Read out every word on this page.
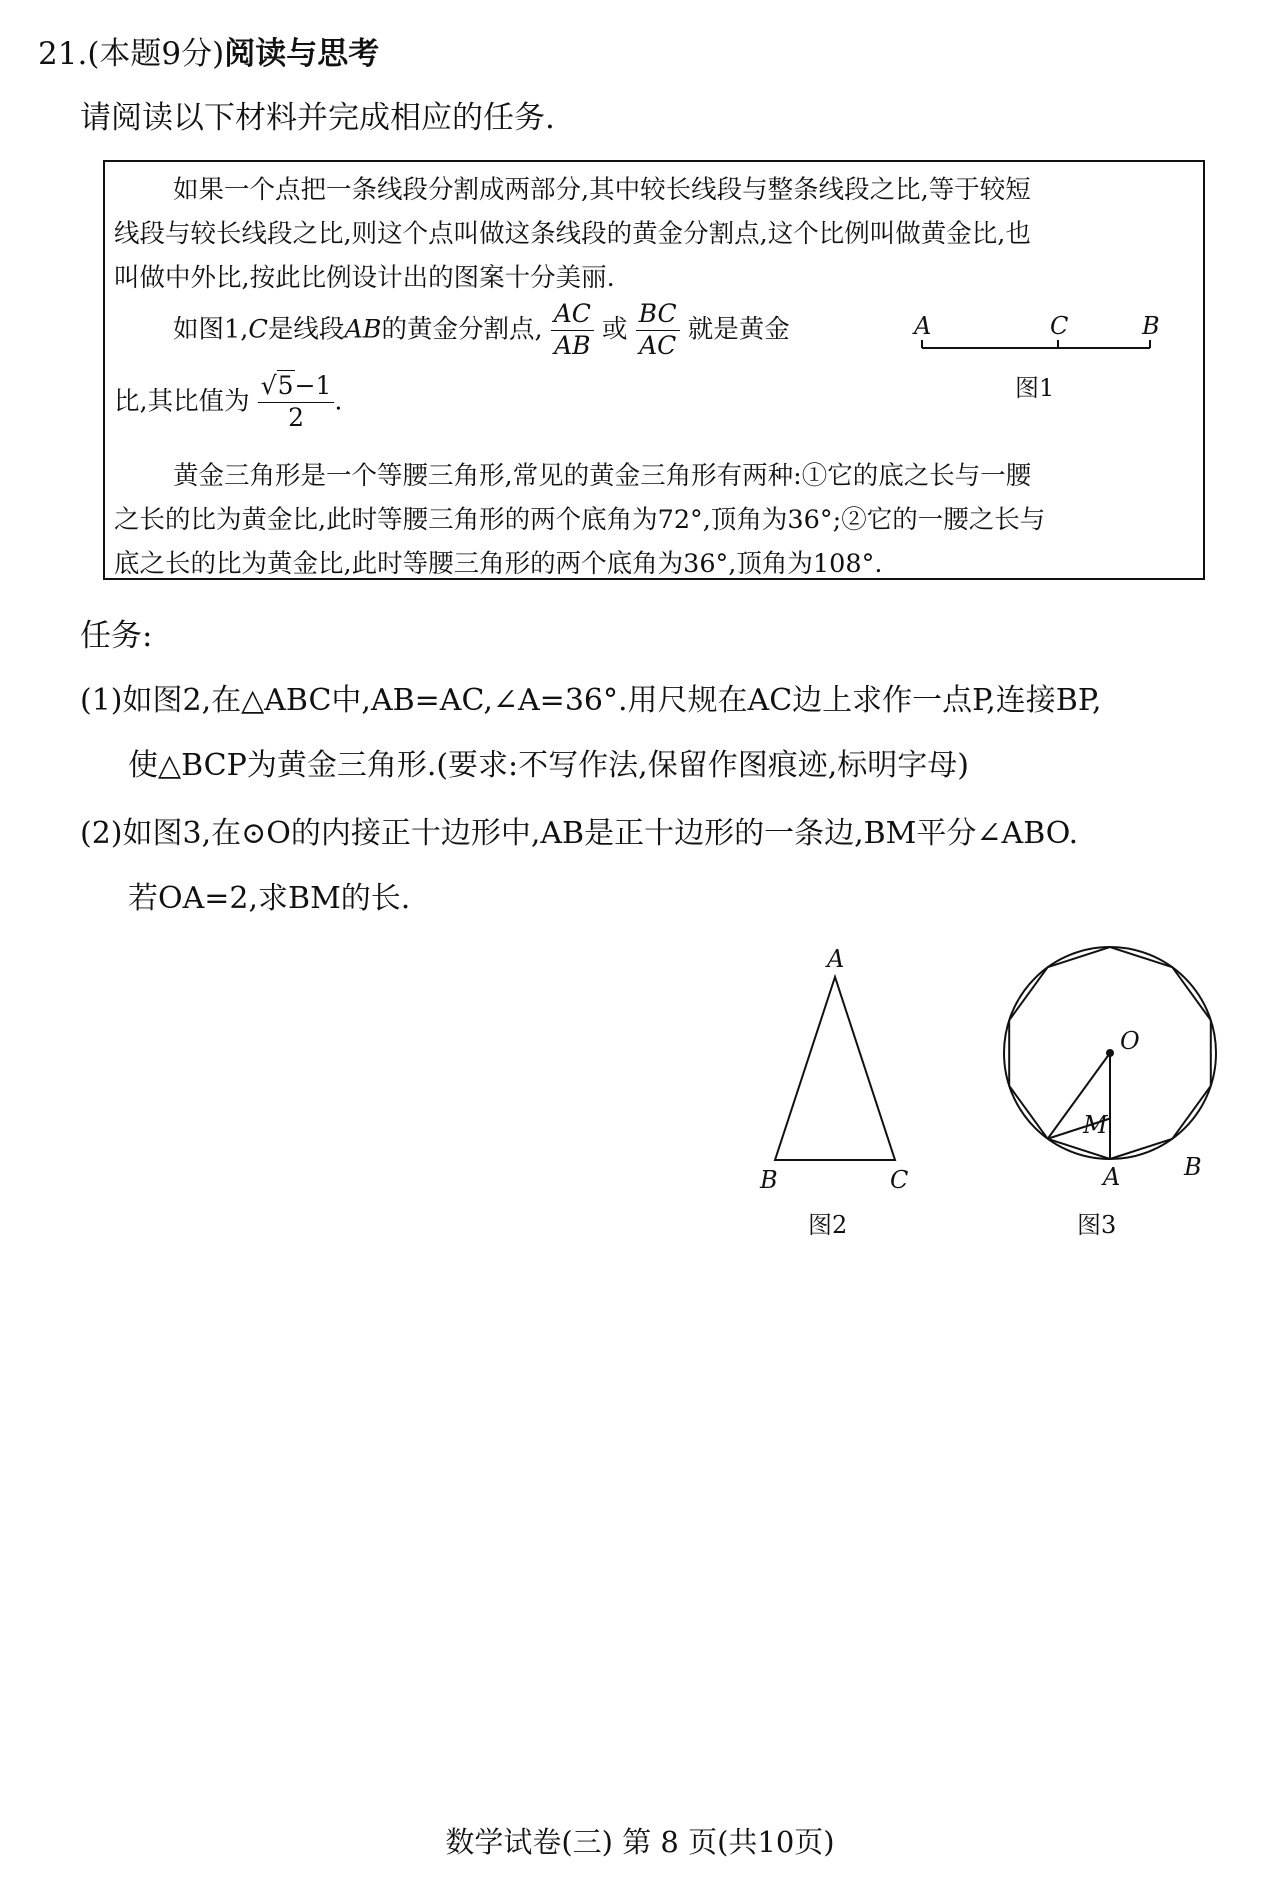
21.(本题9分)阅读与思考
请阅读以下材料并完成相应的任务.
如果一个点把一条线段分割成两部分,其中较长线段与整条线段之比,等于较短
线段与较长线段之比,则这个点叫做这条线段的黄金分割点,这个比例叫做黄金比,也
叫做中外比,按此比例设计出的图案十分美丽.
如图1,C是线段AB的黄金分割点, $\frac{AC}{AB}$ 或 $\frac{BC}{AC}$ 就是黄金
比,其比值为 $\frac{√5-1}{2}$ .
黄金三角形是一个等腰三角形,常见的黄金三角形有两种:①它的底之长与一腰
之长的比为黄金比,此时等腰三角形的两个底角为72°,顶角为36°;②它的一腰之长与
底之长的比为黄金比,此时等腰三角形的两个底角为36°,顶角为108°.
A	C	B
图1
任务:
(1)如图2,在△ABC中,AB=AC,∠A=36°.用尺规在AC边上求作一点P,连接BP,
使△BCP为黄金三角形.(要求:不写作法,保留作图痕迹,标明字母)
(2)如图3,在⊙O的内接正十边形中,AB是正十边形的一条边,BM平分∠ABO.
若OA=2,求BM的长.
A
B	C
图2
O
M
A	B
图3
数学试卷(三) 第 8 页(共10页)
